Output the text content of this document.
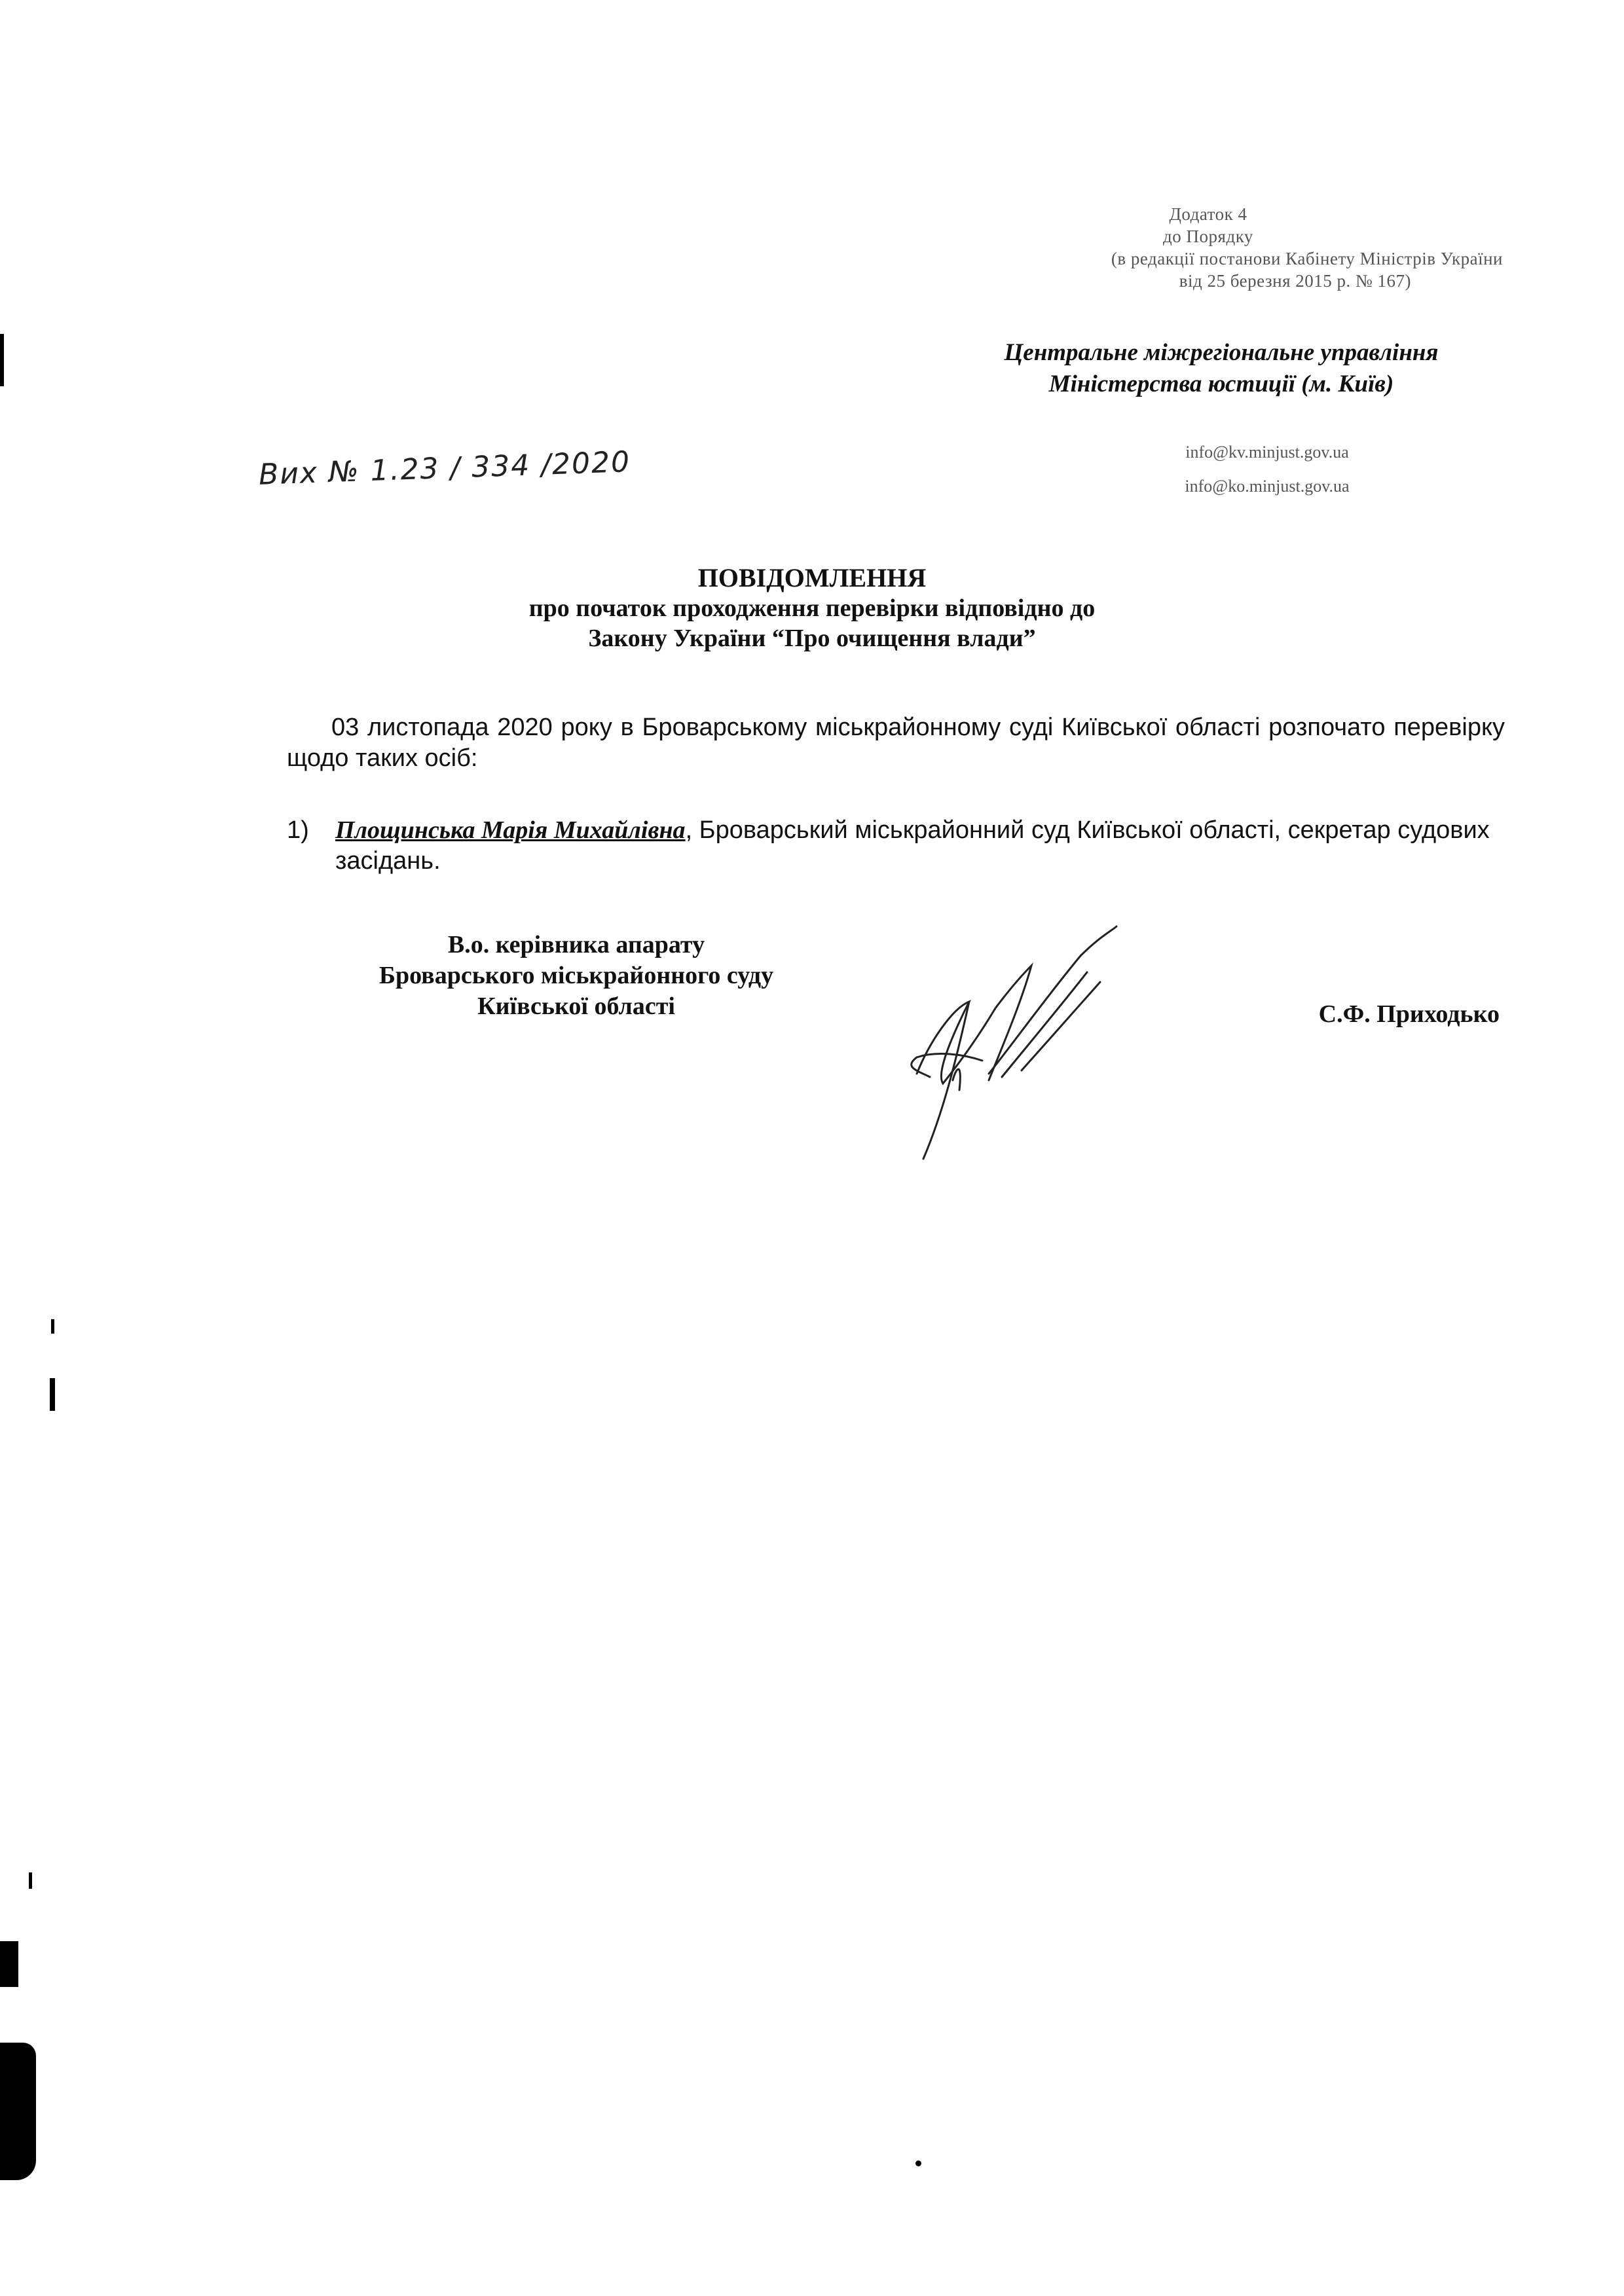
Додаток 4
до Порядку
(в редакції постанови Кабінету Міністрів України
від 25 березня 2015 р. № 167)
Центральне міжрегіональне управління
Міністерства юстиції (м. Київ)
info@kv.minjust.gov.ua
info@ko.minjust.gov.ua
Вих № 1.23 / 334 /2020
ПОВІДОМЛЕННЯ
про початок проходження перевірки відповідно до
Закону України “Про очищення влади”
03 листопада 2020 року в Броварському міськрайонному суді Київської області розпочато перевірку щодо таких осіб:
1)	Площинська Марія Михайлівна, Броварський міськрайонний суд Київської області, секретар судових засідань.
В.о. керівника апарату
Броварського міськрайонного суду
Київської області	С.Ф. Приходько
